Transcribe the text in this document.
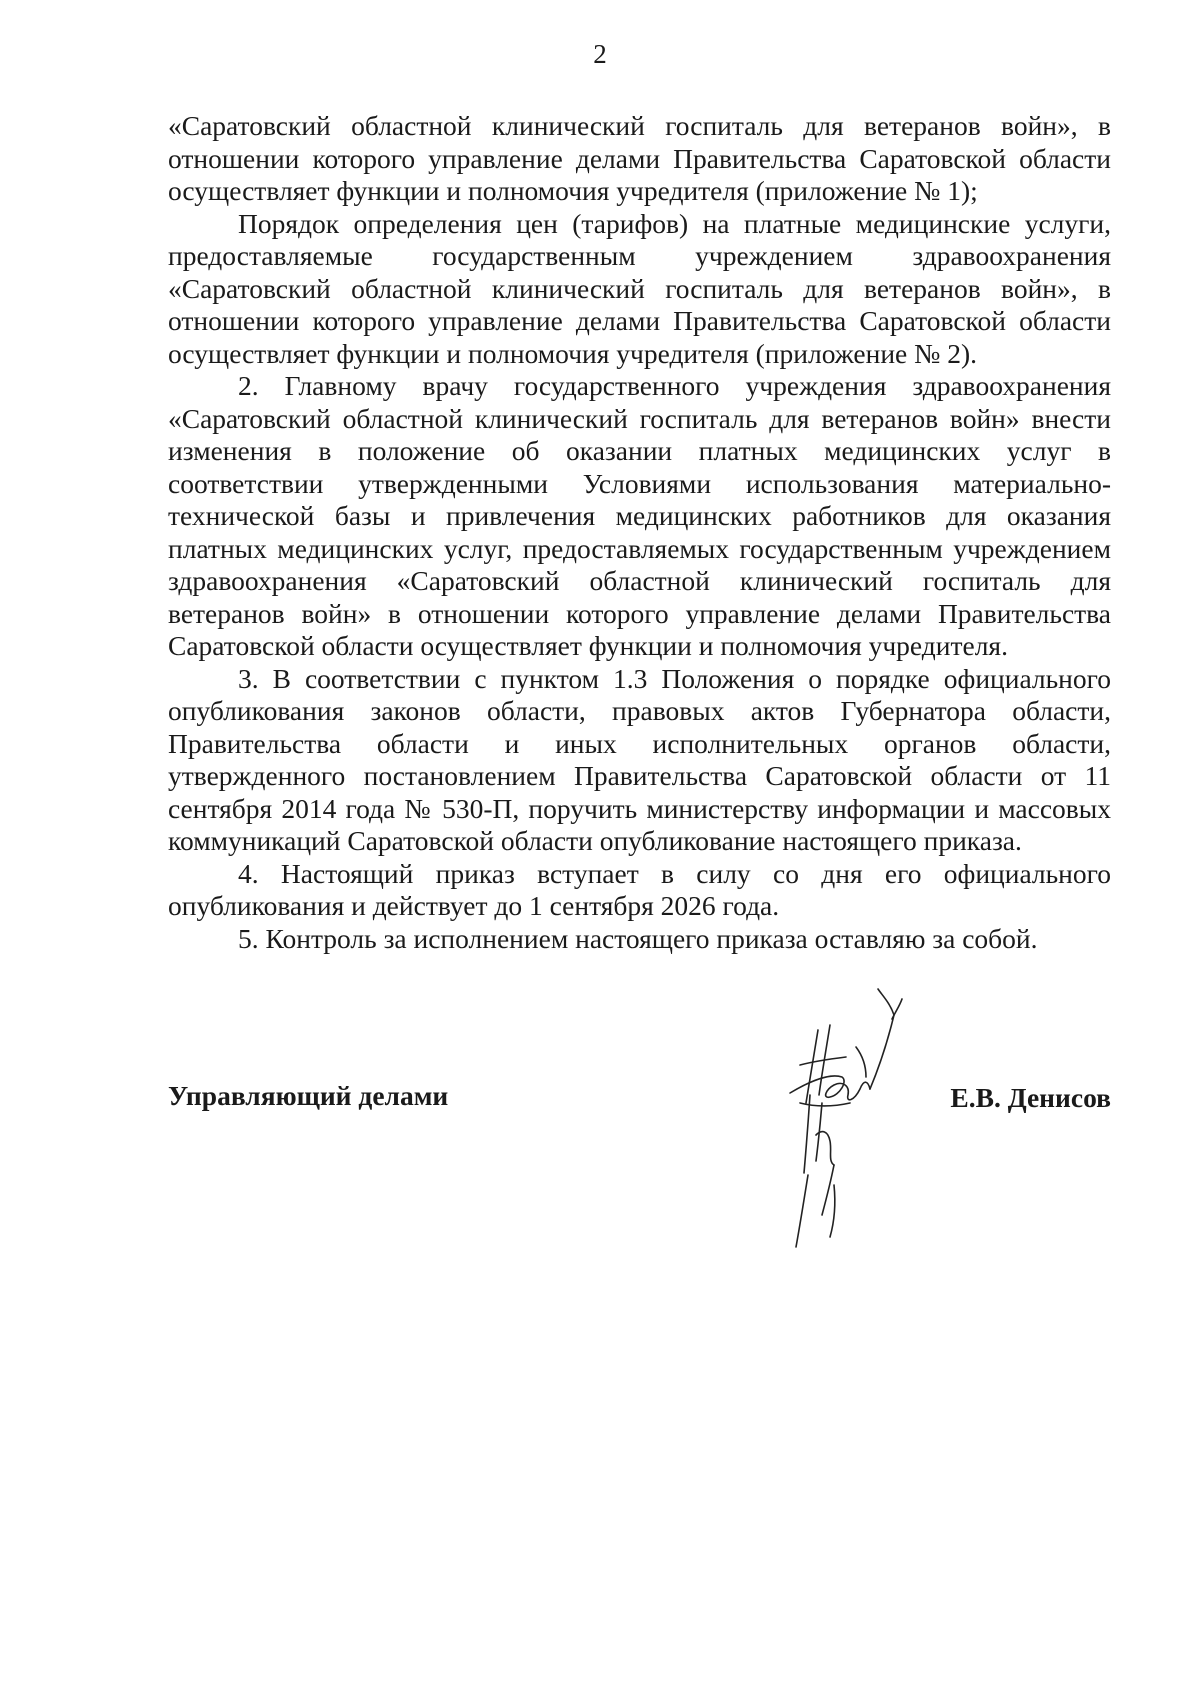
2

«Саратовский областной клинический госпиталь для ветеранов войн», в отношении которого управление делами Правительства Саратовской области осуществляет функции и полномочия учредителя (приложение № 1);

Порядок определения цен (тарифов) на платные медицинские услуги, предоставляемые государственным учреждением здравоохранения «Саратовский областной клинический госпиталь для ветеранов войн», в отношении которого управление делами Правительства Саратовской области осуществляет функции и полномочия учредителя (приложение № 2).

2. Главному врачу государственного учреждения здравоохранения «Саратовский областной клинический госпиталь для ветеранов войн» внести изменения в положение об оказании платных медицинских услуг в соответствии утвержденными Условиями использования материально-технической базы и привлечения медицинских работников для оказания платных медицинских услуг, предоставляемых государственным учреждением здравоохранения «Саратовский областной клинический госпиталь для ветеранов войн» в отношении которого управление делами Правительства Саратовской области осуществляет функции и полномочия учредителя.

3. В соответствии с пунктом 1.3 Положения о порядке официального опубликования законов области, правовых актов Губернатора области, Правительства области и иных исполнительных органов области, утвержденного постановлением Правительства Саратовской области от 11 сентября 2014 года № 530-П, поручить министерству информации и массовых коммуникаций Саратовской области опубликование настоящего приказа.

4. Настоящий приказ вступает в силу со дня его официального опубликования и действует до 1 сентября 2026 года.

5. Контроль за исполнением настоящего приказа оставляю за собой.

Управляющий делами	Е.В. Денисов
